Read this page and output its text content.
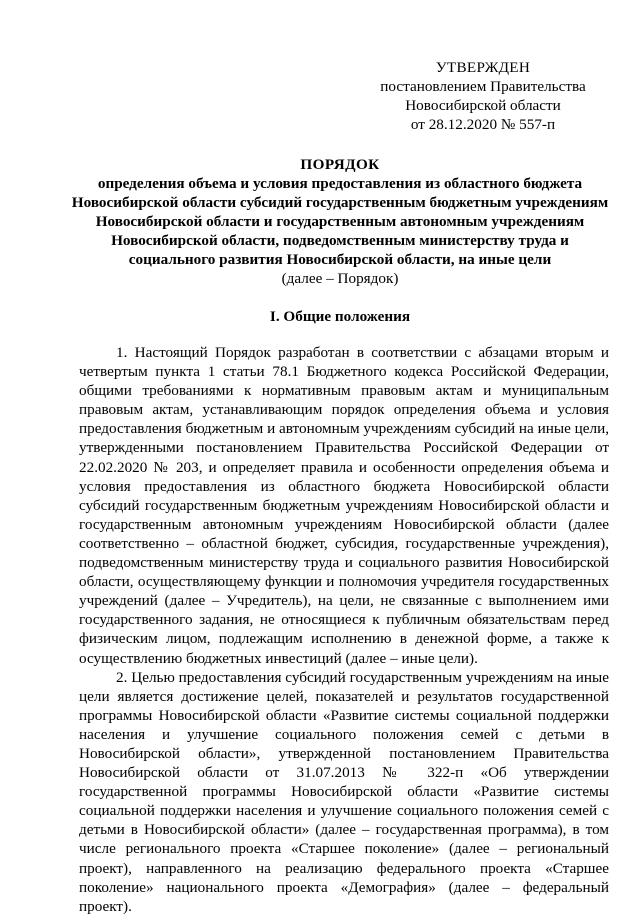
УТВЕРЖДЕН
постановлением Правительства
Новосибирской области
от 28.12.2020 № 557-п
ПОРЯДОК
определения объема и условия предоставления из областного бюджета Новосибирской области субсидий государственным бюджетным учреждениям Новосибирской области и государственным автономным учреждениям Новосибирской области, подведомственным министерству труда и социального развития Новосибирской области, на иные цели
(далее – Порядок)
I. Общие положения

1. Настоящий Порядок разработан в соответствии с абзацами вторым и четвертым пункта 1 статьи 78.1 Бюджетного кодекса Российской Федерации, общими требованиями к нормативным правовым актам и муниципальным правовым актам, устанавливающим порядок определения объема и условия предоставления бюджетным и автономным учреждениям субсидий на иные цели, утвержденными постановлением Правительства Российской Федерации от 22.02.2020 № 203, и определяет правила и особенности определения объема и условия предоставления из областного бюджета Новосибирской области субсидий государственным бюджетным учреждениям Новосибирской области и государственным автономным учреждениям Новосибирской области (далее соответственно – областной бюджет, субсидия, государственные учреждения), подведомственным министерству труда и социального развития Новосибирской области, осуществляющему функции и полномочия учредителя государственных учреждений (далее – Учредитель), на цели, не связанные с выполнением ими государственного задания, не относящиеся к публичным обязательствам перед физическим лицом, подлежащим исполнению в денежной форме, а также к осуществлению бюджетных инвестиций (далее – иные цели).

2. Целью предоставления субсидий государственным учреждениям на иные цели является достижение целей, показателей и результатов государственной программы Новосибирской области «Развитие системы социальной поддержки населения и улучшение социального положения семей с детьми в Новосибирской области», утвержденной постановлением Правительства Новосибирской области от 31.07.2013 № 322-п «Об утверждении государственной программы Новосибирской области «Развитие системы социальной поддержки населения и улучшение социального положения семей с детьми в Новосибирской области» (далее – государственная программа), в том числе регионального проекта «Старшее поколение» (далее – региональный проект), направленного на реализацию федерального проекта «Старшее поколение» национального проекта «Демография» (далее – федеральный проект).
